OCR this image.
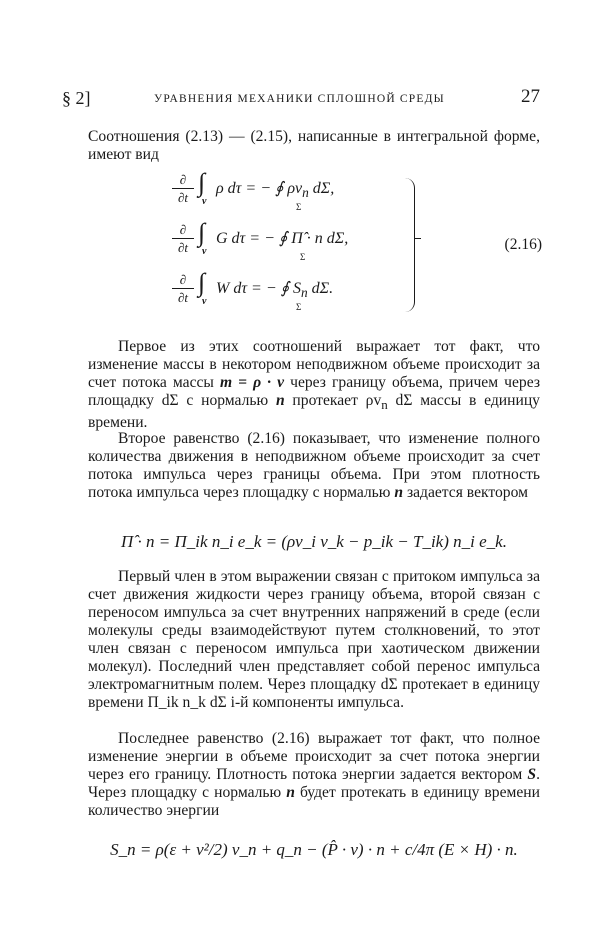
§ 2]	УРАВНЕНИЯ МЕХАНИКИ СПЛОШНОЙ СРЕДЫ	27

Соотношения (2.13) — (2.15), написанные в интегральной форме, имеют вид

∂
∂t
∫
v
ρ dτ = − ∮ $\rho v_n$ dΣ,
Σ
∂
∂t
∫
v
G dτ = − ∮ Π̂ · n dΣ,
Σ
∂
∂t
∫
v
W dτ = − ∮ $S_n$ dΣ.
Σ
(2.16)

Первое из этих соотношений выражает тот факт, что изменение массы в некотором неподвижном объеме происходит за счет потока массы m = ρ · v через границу объема, причем через площадку dΣ с нормалью n протекает $\rho v_n$ dΣ массы в единицу времени.

Второе равенство (2.16) показывает, что изменение полного количества движения в неподвижном объеме происходит за счет потока импульса через границы объема. При этом плотность потока импульса через площадку с нормалью n задается вектором

Π̂ · n = Π_ik n_i e_k = (ρv_i v_k − p_ik − T_ik) n_i e_k.

Первый член в этом выражении связан с притоком импульса за счет движения жидкости через границу объема, второй связан с переносом импульса за счет внутренних напряжений в среде (если молекулы среды взаимодействуют путем столкновений, то этот член связан с переносом импульса при хаотическом движении молекул). Последний член представляет собой перенос импульса электромагнитным полем. Через площадку dΣ протекает в единицу времени Π_ik n_k dΣ i-й компоненты импульса.

Последнее равенство (2.16) выражает тот факт, что полное изменение энергии в объеме происходит за счет потока энергии через его границу. Плотность потока энергии задается вектором S. Через площадку с нормалью n будет протекать в единицу времени количество энергии

S_n = ρ(ε + v²/2) v_n + q_n − (P̂ · v) · n + c/4π (E × H) · n.
